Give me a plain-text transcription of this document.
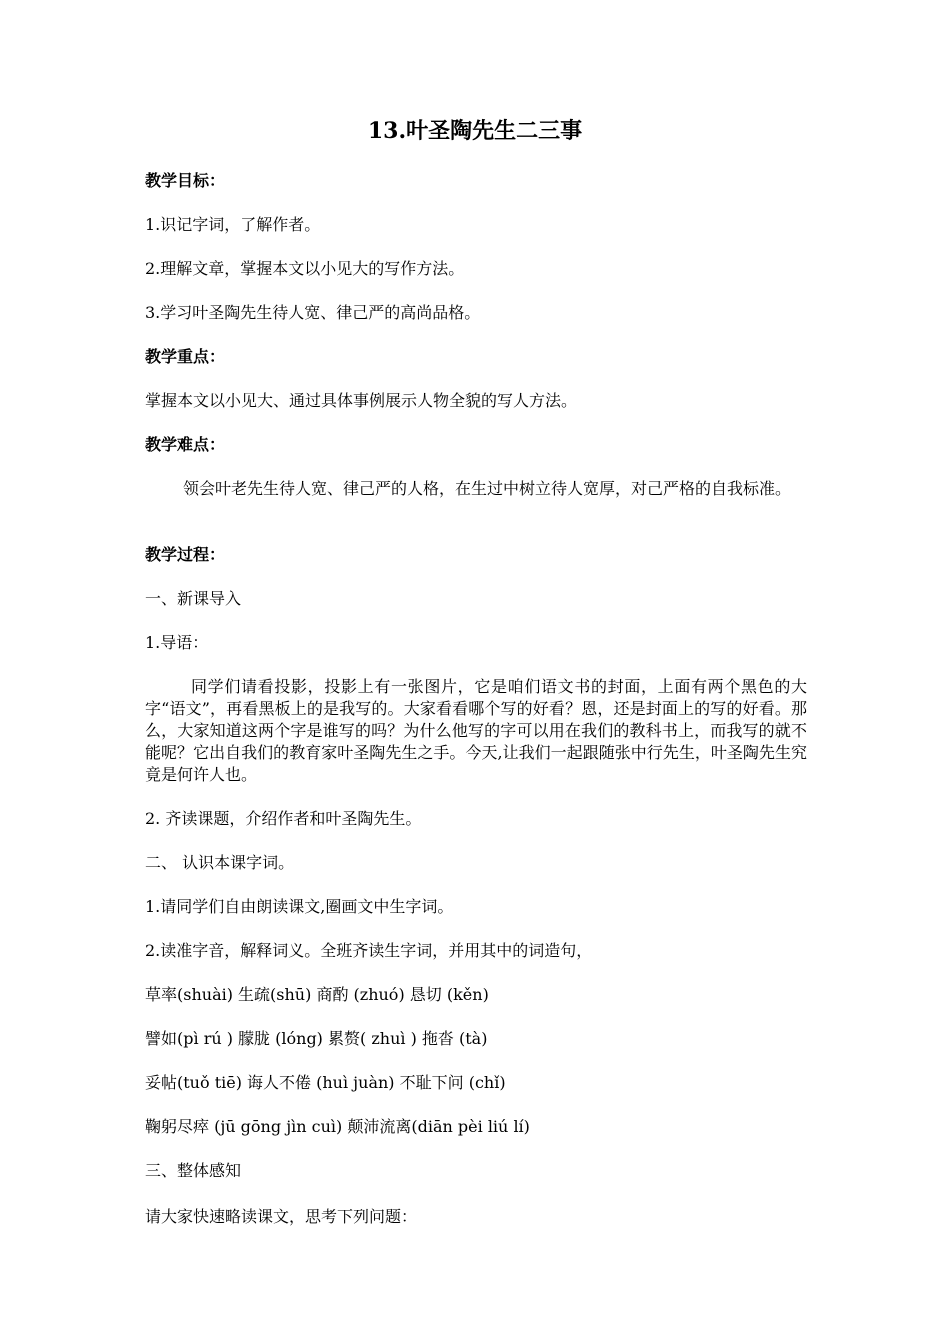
13.叶圣陶先生二三事
教学目标：
1.识记字词，了解作者。
2.理解文章，掌握本文以小见大的写作方法。
3.学习叶圣陶先生待人宽、律己严的高尚品格。
教学重点：
掌握本文以小见大、通过具体事例展示人物全貌的写人方法。
教学难点：
领会叶老先生待人宽、律己严的人格，在生过中树立待人宽厚，对己严格的自我标准。
教学过程：
一、新课导入
1.导语：
同学们请看投影，投影上有一张图片，它是咱们语文书的封面，上面有两个黑色的大字“语文”，再看黑板上的是我写的。大家看看哪个写的好看？恩，还是封面上的写的好看。那么，大家知道这两个字是谁写的吗？为什么他写的字可以用在我们的教科书上，而我写的就不能呢？它出自我们的教育家叶圣陶先生之手。今天,让我们一起跟随张中行先生，叶圣陶先生究竟是何许人也。
2. 齐读课题，介绍作者和叶圣陶先生。
二、 认识本课字词。
1.请同学们自由朗读课文,圈画文中生字词。
2.读准字音，解释词义。全班齐读生字词，并用其中的词造句，
草率(shuài) 生疏(shū) 商酌 (zhuó) 恳切 (kěn)
譬如(pì rú ) 朦胧 (lóng) 累赘( zhuì ) 拖沓 (tà)
妥帖(tuǒ tiē) 诲人不倦 (huì juàn) 不耻下问 (chǐ)
鞠躬尽瘁 (jū gōng jìn cuì) 颠沛流离(diān pèi liú lí)
三、整体感知
请大家快速略读课文，思考下列问题：
